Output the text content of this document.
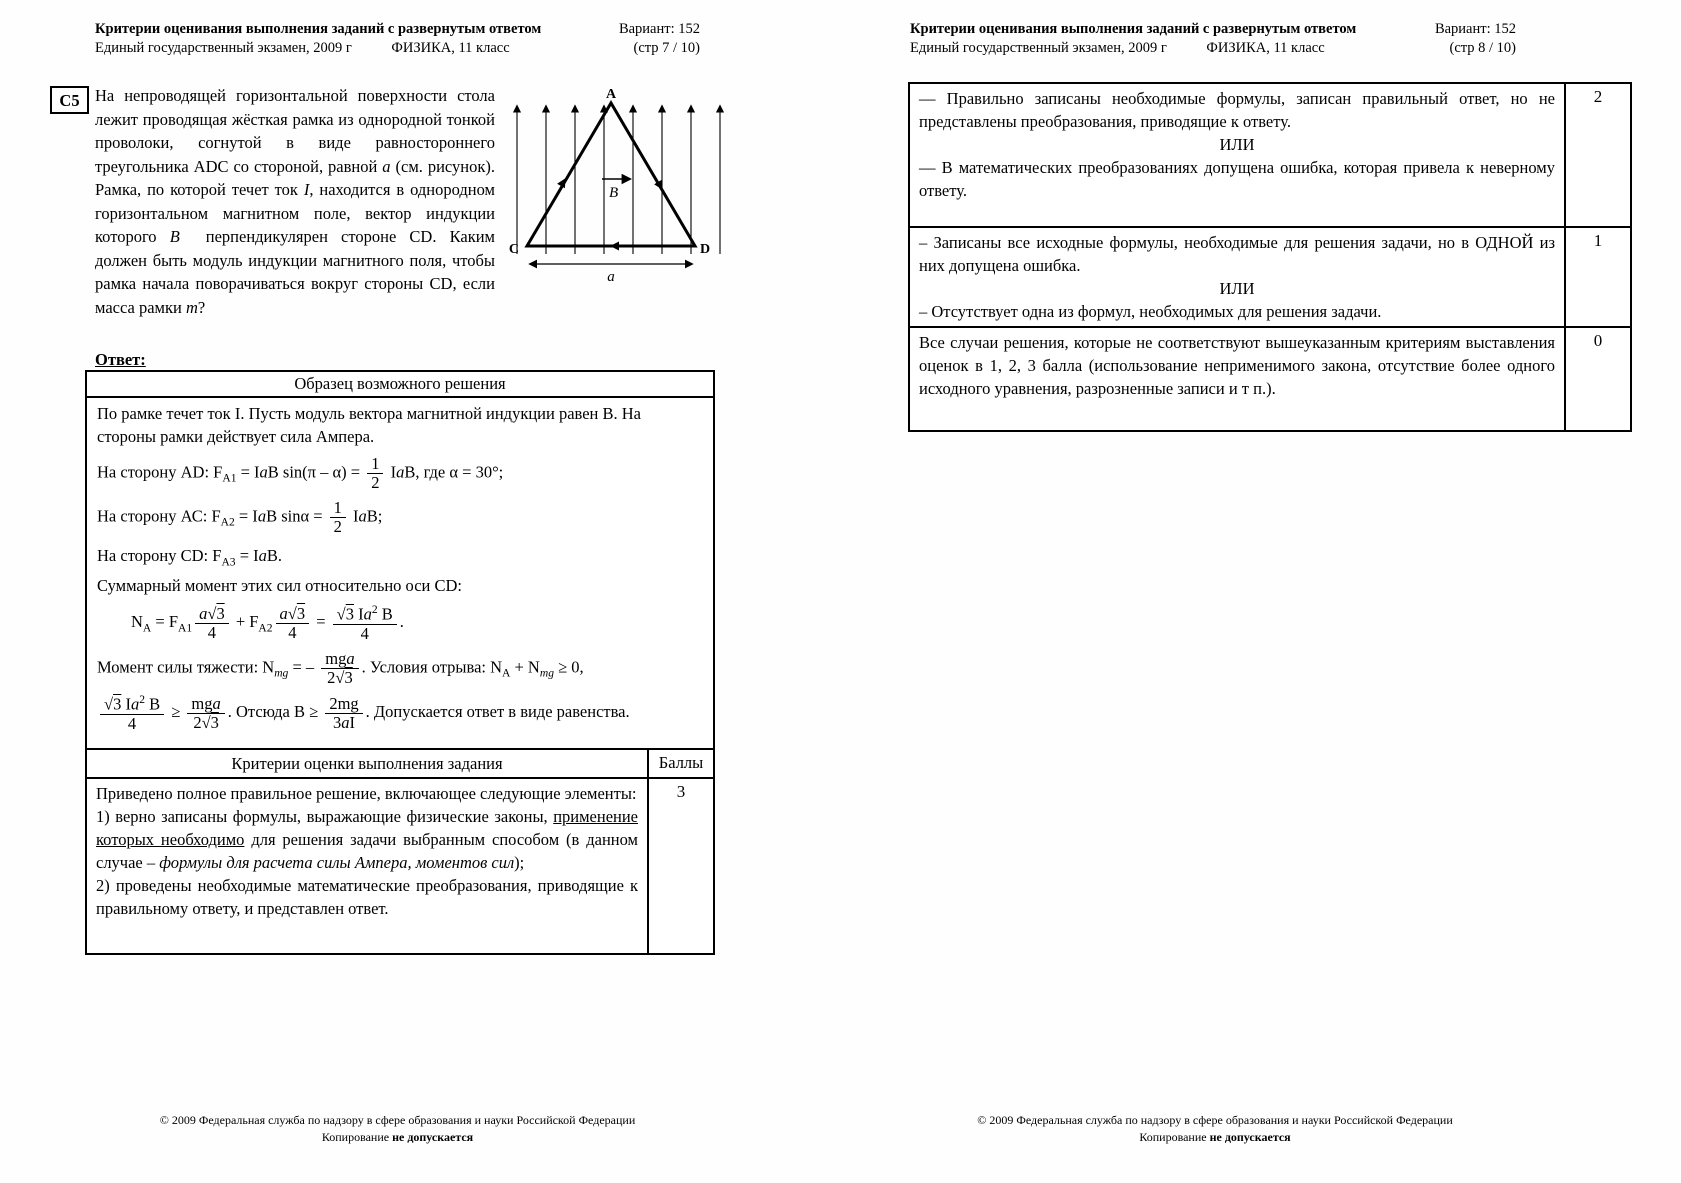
Критерии оценивания выполнения заданий с развернутым ответом
Единый государственный экзамен, 2009 г	ФИЗИКА, 11 класс
Вариант: 152
(стр 7 / 10)
С5
B
A
C	D
a
На непроводящей горизонтальной поверхности стола лежит проводящая жёсткая рамка из однородной тонкой проволоки, согнутой в виде равностороннего треугольника ADC со стороной, равной a (см. рисунок). Рамка, по которой течет ток I, находится в однородном горизонтальном магнитном поле, вектор индукции которого B⃗ перпендикулярен стороне CD. Каким должен быть модуль индукции магнитного поля, чтобы рамка начала поворачиваться вокруг стороны CD, если масса рамки m?
Ответ:
Образец возможного решения
По рамке течет ток I. Пусть модуль вектора магнитной индукции равен B. На стороны рамки действует сила Ампера.
На сторону AD: $F_{А1}$ = IaB $\sin(\pi - \alpha) = \frac{1}{2}$ IaB, где α = 30°;
На сторону АС: $F_{А2}$ = IaB $\sin\alpha = \frac{1}{2}$ IaB;
На сторону CD: $F_{А3}$ = IaB.
Суммарный момент этих сил относительно оси CD:
$N_А = F_{А1} \frac{a√3}{4} + F_{А2} \frac{a√3}{4} = \frac{√3 Ia^2 B}{4}$ .
Момент силы тяжести: $N_{mg}$ = – $\frac{\text{mga}}{2√3}$ . Условия отрыва: $N_А + N_{mg} \ge 0$,
$\frac{√3 Ia^2 B}{4} \ge \frac{\text{mga}}{2√3}$ . Отсюда $B \ge \frac{2mg}{3aI}$ . Допускается ответ в виде равенства.
Критерии оценки выполнения задания	Баллы
Приведено полное правильное решение, включающее следующие элементы:
1) верно записаны формулы, выражающие физические законы, применение которых необходимо для решения задачи выбранным способом (в данном случае – формулы для расчета силы Ампера, моментов сил);
2) проведены необходимые математические преобразования, приводящие к правильному ответу, и представлен ответ.
3
© 2009 Федеральная служба по надзору в сфере образования и науки Российской Федерации
Копирование не допускается
Критерии оценивания выполнения заданий с развернутым ответом
Единый государственный экзамен, 2009 г	ФИЗИКА, 11 класс
Вариант: 152
(стр 8 / 10)
— Правильно записаны необходимые формулы, записан правильный ответ, но не представлены преобразования, приводящие к ответу.
ИЛИ
— В математических преобразованиях допущена ошибка, которая привела к неверному ответу.
2
– Записаны все исходные формулы, необходимые для решения задачи, но в ОДНОЙ из них допущена ошибка.
ИЛИ
– Отсутствует одна из формул, необходимых для решения задачи.
1
Все случаи решения, которые не соответствуют вышеуказанным критериям выставления оценок в 1, 2, 3 балла (использование неприменимого закона, отсутствие более одного исходного уравнения, разрозненные записи и т п.).
0
© 2009 Федеральная служба по надзору в сфере образования и науки Российской Федерации
Копирование не допускается
